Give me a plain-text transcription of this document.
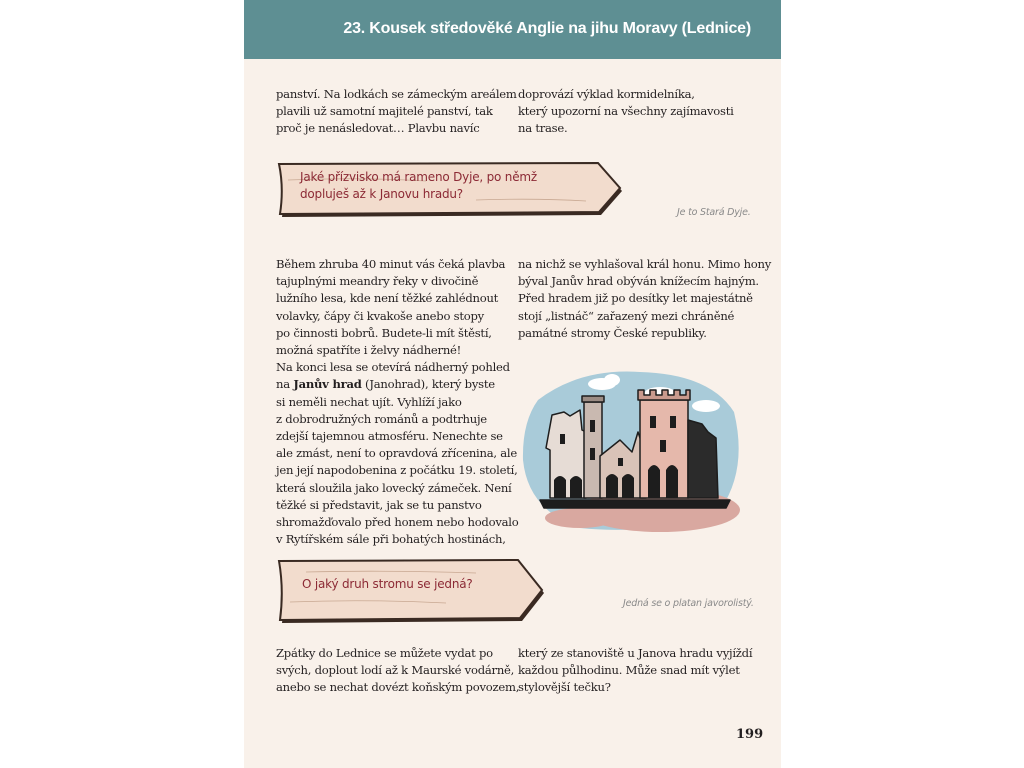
23. Kousek středověké Anglie na jihu Moravy (Lednice)

panství. Na lodkách se zámeckým areálem

plavili už samotní majitelé panství, tak

proč je nenásledovat… Plavbu navíc

doprovází výklad kormidelníka,

který upozorní na všechny zajímavosti

na trase.

Jaké přízvisko má rameno Dyje, po němž
dopluješ až k Janovu hradu?
Je to Stará Dyje.

Během zhruba 40 minut vás čeká plavba

tajuplnými meandry řeky v divočině

lužního lesa, kde není těžké zahlédnout

volavky, čápy či kvakoše anebo stopy

po činnosti bobrů. Budete-li mít štěstí,

možná spatříte i želvy nádherné!

Na konci lesa se otevírá nádherný pohled

na Janův hrad (Janohrad), který byste

si neměli nechat ujít. Vyhlíží jako

z dobrodružných románů a podtrhuje

zdejší tajemnou atmosféru. Nenechte se

ale zmást, není to opravdová zřícenina, ale

jen její napodobenina z počátku 19. století,

která sloužila jako lovecký zámeček. Není

těžké si představit, jak se tu panstvo

shromažďovalo před honem nebo hodovalo

v Rytířském sále při bohatých hostinách,

na nichž se vyhlašoval král honu. Mimo hony

býval Janův hrad obýván knížecím hajným.

Před hradem již po desítky let majestátně

stojí „listnáč“ zařazený mezi chráněné

památné stromy České republiky.

O jaký druh stromu se jedná?
Jedná se o platan javorolistý.

Zpátky do Lednice se můžete vydat po

svých, doplout lodí až k Maurské vodárně,

anebo se nechat dovézt koňským povozem,

který ze stanoviště u Janova hradu vyjíždí

každou půlhodinu. Může snad mít výlet

stylovější tečku?

199
